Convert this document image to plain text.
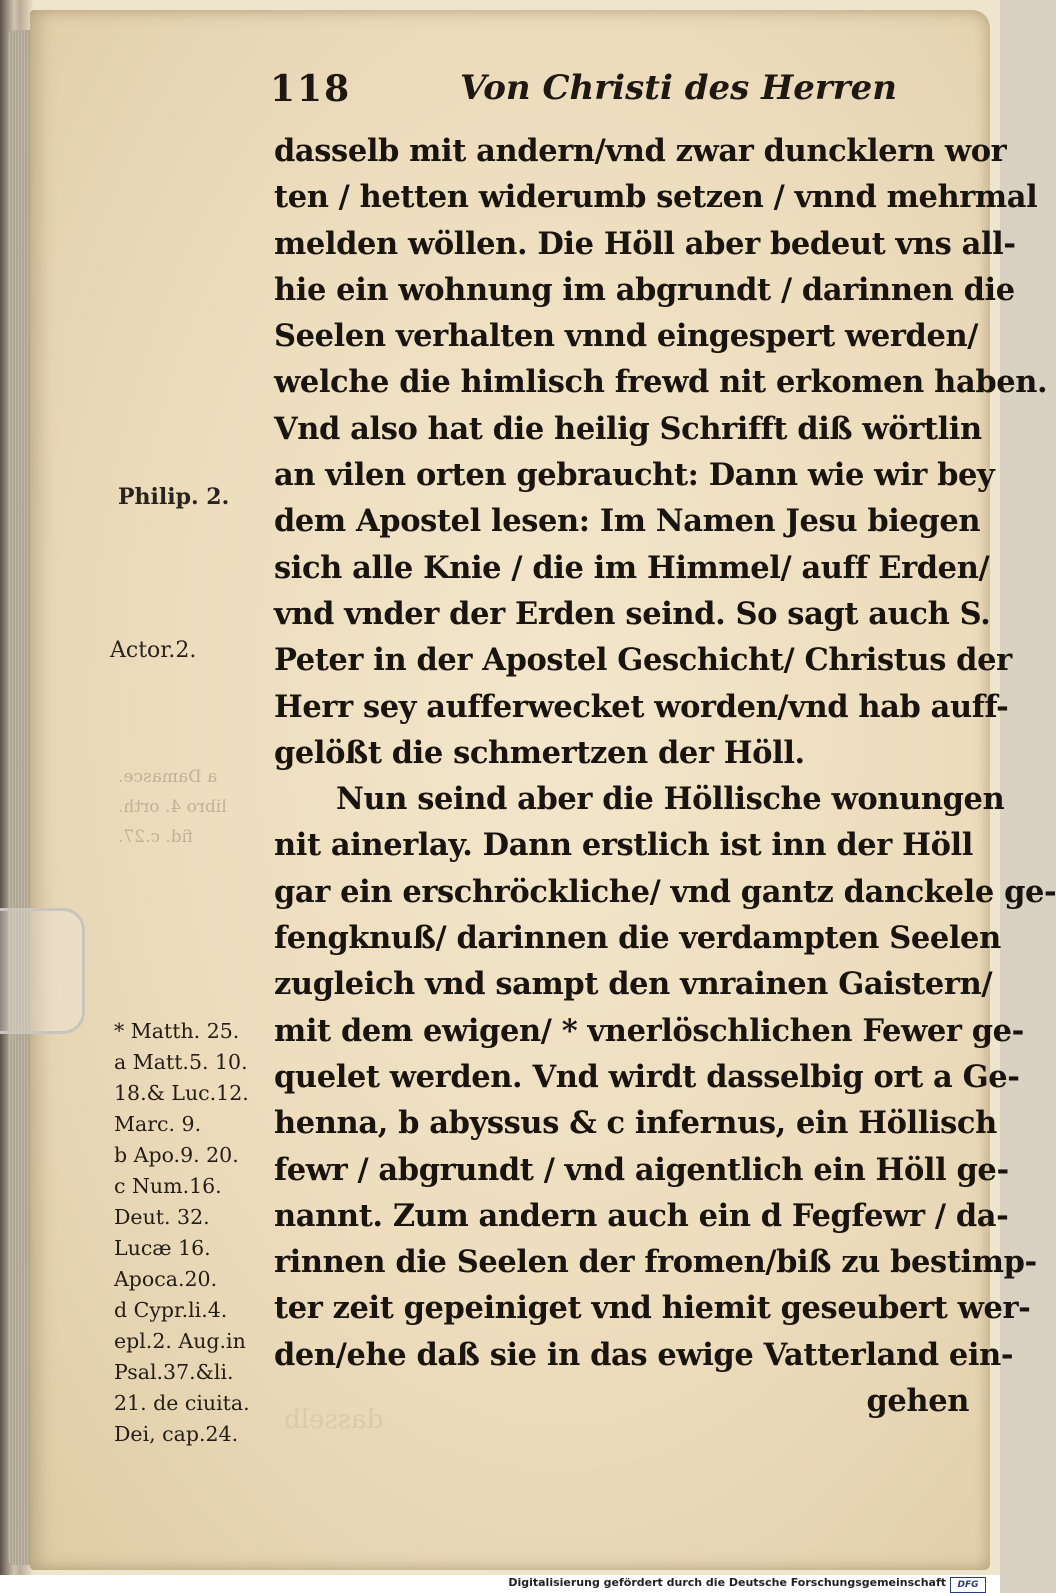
118	Von Christi des Herren
dasselb mit andern/vnd zwar duncklern wor
ten / hetten widerumb setzen / vnnd mehrmal
melden wöllen. Die Höll aber bedeut vns all-
hie ein wohnung im abgrundt / darinnen die
Seelen verhalten vnnd eingespert werden/
welche die himlisch frewd nit erkomen haben.
Vnd also hat die heilig Schrifft diß wörtlin
an vilen orten gebraucht: Dann wie wir bey
dem Apostel lesen: Im Namen Jesu biegen
sich alle Knie / die im Himmel/ auff Erden/
vnd vnder der Erden seind. So sagt auch S.
Peter in der Apostel Geschicht/ Christus der
Herr sey aufferwecket worden/vnd hab auff-
gelößt die schmertzen der Höll.
Nun seind aber die Höllische wonungen
nit ainerlay. Dann erstlich ist inn der Höll
gar ein erschröckliche/ vnd gantz danckele ge-
fengknuß/ darinnen die verdampten Seelen
zugleich vnd sampt den vnrainen Gaistern/
mit dem ewigen/ * vnerlöschlichen Fewer ge-
quelet werden. Vnd wirdt dasselbig ort a Ge-
henna, b abyssus & c infernus, ein Höllisch
fewr / abgrundt / vnd aigentlich ein Höll ge-
nannt. Zum andern auch ein d Fegfewr / da-
rinnen die Seelen der fromen/biß zu bestimp-
ter zeit gepeiniget vnd hiemit geseubert wer-
den/ehe daß sie in das ewige Vatterland ein-
gehen
Philip. 2.
Actor.2.
a Damasce.
libro 4. orth.
fid. c.27.
* Matth. 25.
a Matt.5. 10.
18.& Luc.12.
Marc. 9.
b Apo.9. 20.
c Num.16.
Deut. 32.
Lucæ 16.
Apoca.20.
d Cypr.li.4.
epl.2. Aug.in
Psal.37.&li.
21. de ciuita.
Dei, cap.24.	dasselb
Digitalisierung gefördert durch die Deutsche Forschungsgemeinschaft	DFG
